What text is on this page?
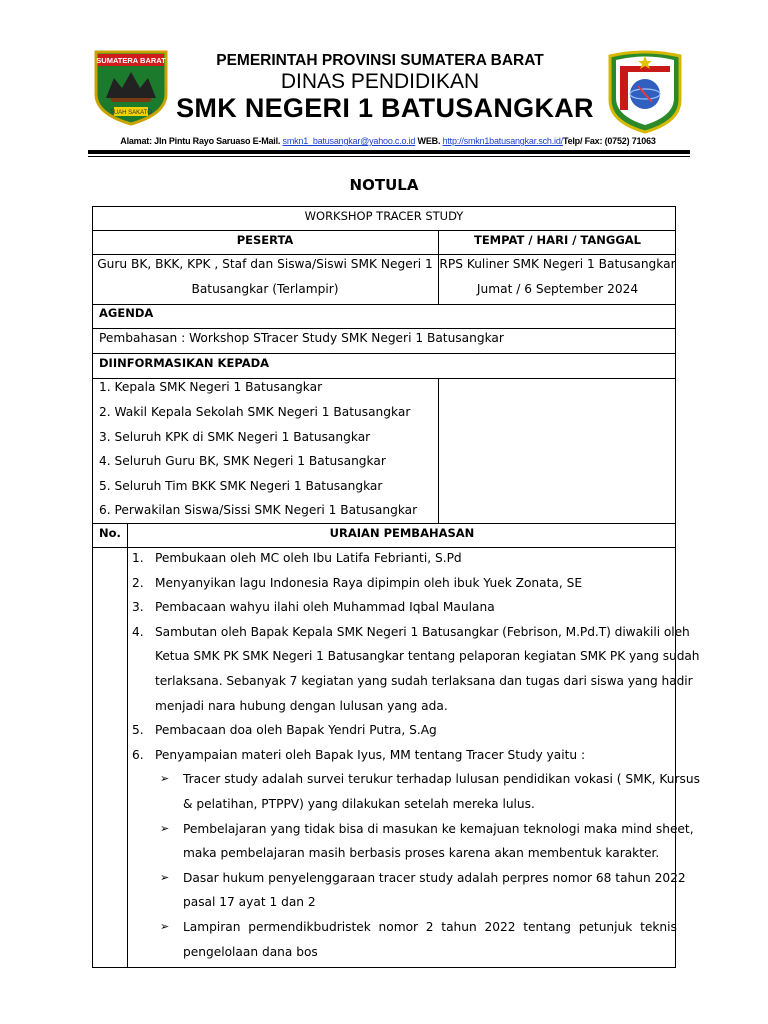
SUMATERA BARAT
TUAH SAKATO
PEMERINTAH PROVINSI SUMATERA BARAT
DINAS PENDIDIKAN
SMK NEGERI 1 BATUSANGKAR
Alamat: Jln Pintu Rayo Saruaso E-Mail. smkn1_batusangkar@yahoo.c.o.id WEB. http://smkn1batusangkar.sch.id/Telp/ Fax: (0752) 71063
NOTULA
WORKSHOP TRACER STUDY
PESERTA	TEMPAT / HARI / TANGGAL
Guru BK, BKK, KPK , Staf dan Siswa/Siswi SMK Negeri 1
Batusangkar (Terlampir)
RPS Kuliner SMK Negeri 1 Batusangkar
Jumat / 6 September 2024
AGENDA
Pembahasan : Workshop STracer Study SMK Negeri 1 Batusangkar
DIINFORMASIKAN KEPADA
1. Kepala SMK Negeri 1 Batusangkar
2. Wakil Kepala Sekolah SMK Negeri 1 Batusangkar
3. Seluruh KPK di SMK Negeri 1 Batusangkar
4. Seluruh Guru BK, SMK Negeri 1 Batusangkar
5. Seluruh Tim BKK SMK Negeri 1 Batusangkar
6. Perwakilan Siswa/Sissi SMK Negeri 1 Batusangkar
No.	URAIAN PEMBAHASAN
1. Pembukaan oleh MC oleh Ibu Latifa Febrianti, S.Pd
2. Menyanyikan lagu Indonesia Raya dipimpin oleh ibuk Yuek Zonata, SE
3. Pembacaan wahyu ilahi oleh Muhammad Iqbal Maulana
4. Sambutan oleh Bapak Kepala SMK Negeri 1 Batusangkar (Febrison, M.Pd.T) diwakili oleh
Ketua SMK PK SMK Negeri 1 Batusangkar tentang pelaporan kegiatan SMK PK yang sudah
terlaksana. Sebanyak 7 kegiatan yang sudah terlaksana dan tugas dari siswa yang hadir
menjadi nara hubung dengan lulusan yang ada.
5. Pembacaan doa oleh Bapak Yendri Putra, S.Ag
6. Penyampaian materi oleh Bapak Iyus, MM tentang Tracer Study yaitu :
➢ Tracer study adalah survei terukur terhadap lulusan pendidikan vokasi ( SMK, Kursus
& pelatihan, PTPPV) yang dilakukan setelah mereka lulus.
➢ Pembelajaran yang tidak bisa di masukan ke kemajuan teknologi maka mind sheet,
maka pembelajaran masih berbasis proses karena akan membentuk karakter.
➢ Dasar hukum penyelenggaraan tracer study adalah perpres nomor 68 tahun 2022
pasal 17 ayat 1 dan 2
➢ Lampiran  permendikbudristek  nomor  2  tahun  2022  tentang  petunjuk  teknis
pengelolaan dana bos
